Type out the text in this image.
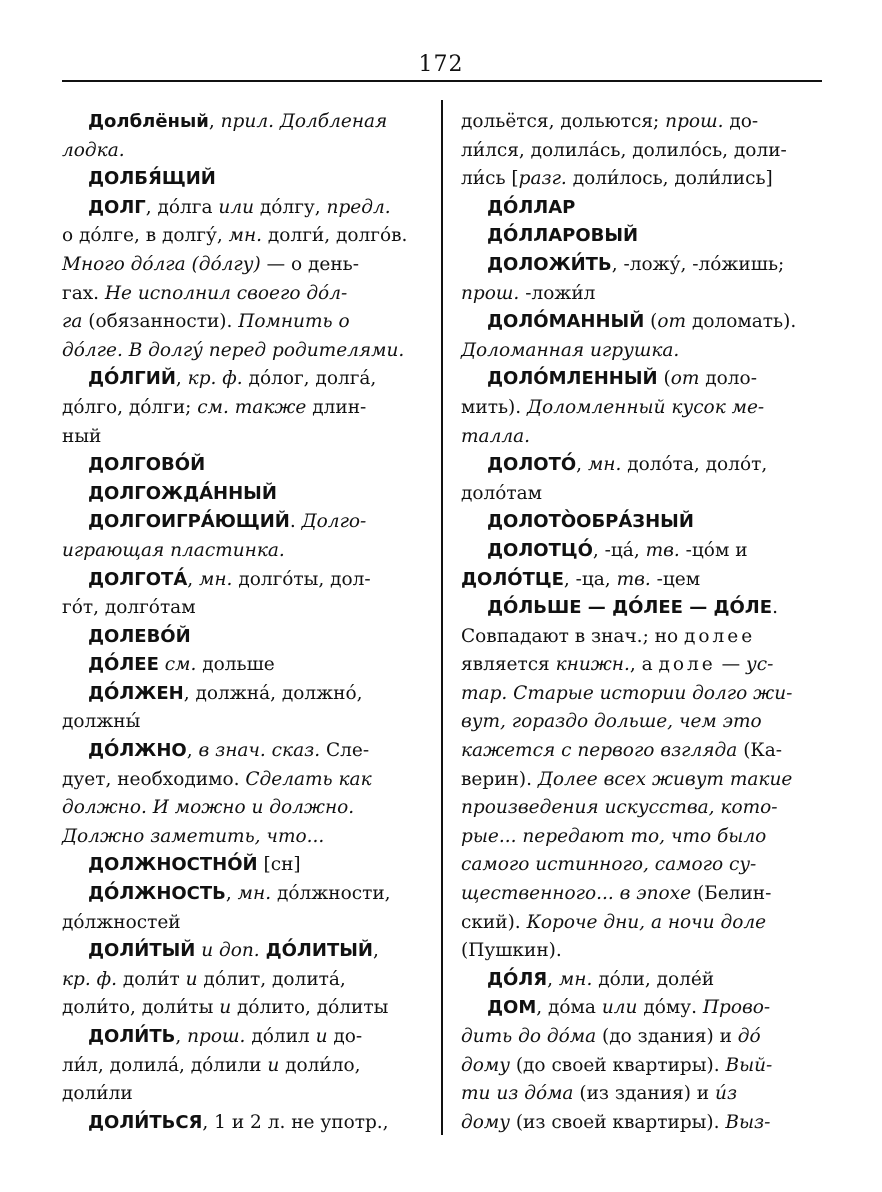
172
Долблёный, прил. Долбленая
лодка.
ДОЛБЯ́ЩИЙ
ДОЛГ, до́лга или до́лгу, предл.
о до́лге, в долгу́, мн. долги́, долго́в.
Много до́лга (до́лгу) — о день-
гах. Не исполнил своего до́л-
га (обязанности). Помнить о
до́лге. В долгу́ перед родителями.
ДО́ЛГИЙ, кр. ф. до́лог, долга́,
до́лго, до́лги; см. также длин-
ный
ДОЛГОВО́Й
ДОЛГОЖДА́ННЫЙ
ДОЛГОИГРА́ЮЩИЙ. Долго-
играющая пластинка.
ДОЛГОТА́, мн. долго́ты, дол-
го́т, долго́там
ДОЛЕВО́Й
ДО́ЛЕЕ см. дольше
ДО́ЛЖЕН, должна́, должно́,
должны́
ДО́ЛЖНО, в знач. сказ. Сле-
дует, необходимо. Сделать как
должно. И можно и должно.
Должно заметить, что...
ДОЛЖНОСТНО́Й [сн]
ДО́ЛЖНОСТЬ, мн. до́лжности,
до́лжностей
ДОЛИ́ТЫЙ и доп. ДО́ЛИТЫЙ,
кр. ф. доли́т и до́лит, долита́,
доли́то, доли́ты и до́лито, до́литы
ДОЛИ́ТЬ, прош. до́лил и до-
ли́л, долила́, до́лили и доли́ло,
доли́ли
ДОЛИ́ТЬСЯ, 1 и 2 л. не употр.,
дольётся, дольются; прош. до-
ли́лся, долила́сь, долило́сь, доли-
ли́сь [разг. доли́лось, доли́лись]
ДО́ЛЛАР
ДО́ЛЛАРОВЫЙ
ДОЛОЖИ́ТЬ, -ложу́, -ло́жишь;
прош. -ложи́л
ДОЛО́МАННЫЙ (от доломать).
Доломанная игрушка.
ДОЛО́МЛЕННЫЙ (от доло-
мить). Доломленный кусок ме-
талла.
ДОЛОТО́, мн. доло́та, доло́т,
доло́там
ДОЛОТО̀ОБРА́ЗНЫЙ
ДОЛОТЦО́, -ца́, тв. -цо́м и
ДОЛО́ТЦЕ, -ца, тв. -цем
ДО́ЛЬШЕ — ДО́ЛЕЕ — ДО́ЛЕ.
Совпадают в знач.; но долее
является книжн., а доле — ус-
тар. Старые истории долго жи-
вут, гораздо дольше, чем это
кажется с первого взгляда (Ка-
верин). Долее всех живут такие
произведения искусства, кото-
рые... передают то, что было
самого истинного, самого су-
щественного... в эпохе (Белин-
ский). Короче дни, а ночи доле
(Пушкин).
ДО́ЛЯ, мн. до́ли, доле́й
ДОМ, до́ма или до́му. Прово-
дить до до́ма (до здания) и до́
дому (до своей квартиры). Вый-
ти из до́ма (из здания) и и́з
дому (из своей квартиры). Выз-
